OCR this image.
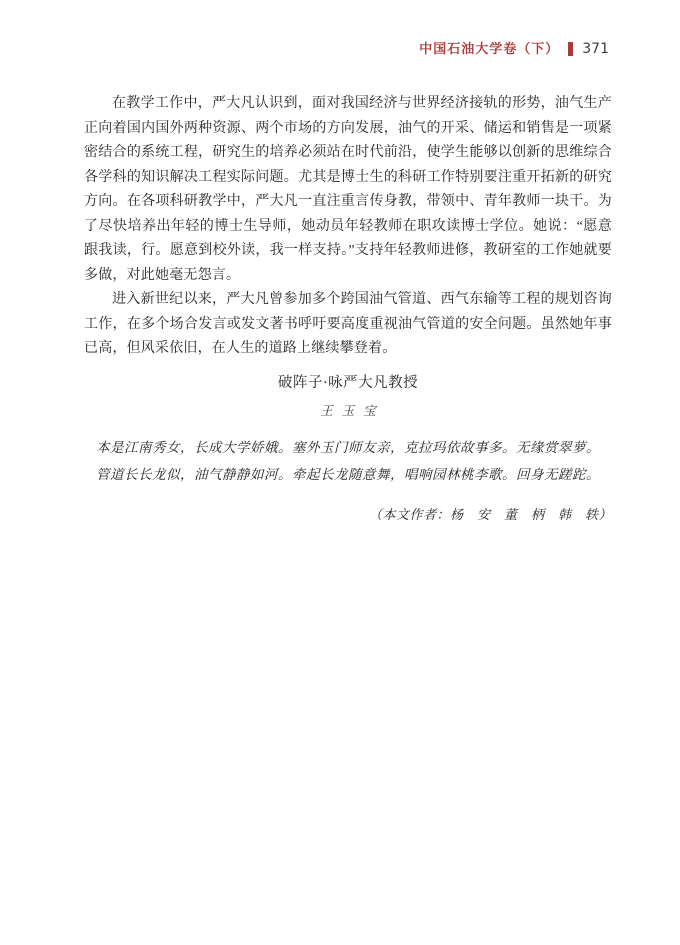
中国石油大学卷（下） 371

在教学工作中，严大凡认识到，面对我国经济与世界经济接轨的形势，油气生产正向着国内国外两种资源、两个市场的方向发展，油气的开采、储运和销售是一项紧密结合的系统工程，研究生的培养必须站在时代前沿，使学生能够以创新的思维综合各学科的知识解决工程实际问题。尤其是博士生的科研工作特别要注重开拓新的研究方向。在各项科研教学中，严大凡一直注重言传身教，带领中、青年教师一块干。为了尽快培养出年轻的博士生导师，她动员年轻教师在职攻读博士学位。她说：“愿意跟我读，行。愿意到校外读，我一样支持。”支持年轻教师进修，教研室的工作她就要多做，对此她毫无怨言。

进入新世纪以来，严大凡曾参加多个跨国油气管道、西气东输等工程的规划咨询工作，在多个场合发言或发文著书呼吁要高度重视油气管道的安全问题。虽然她年事已高，但风采依旧，在人生的道路上继续攀登着。

破阵子·咏严大凡教授
王玉宝
本是江南秀女，长成大学娇娥。塞外玉门师友亲，克拉玛依故事多。无缘赏翠萝。
管道长长龙似，油气静静如河。牵起长龙随意舞，唱响园林桃李歌。回身无蹉跎。
（本文作者：杨　安　董　柄　韩　轶）
